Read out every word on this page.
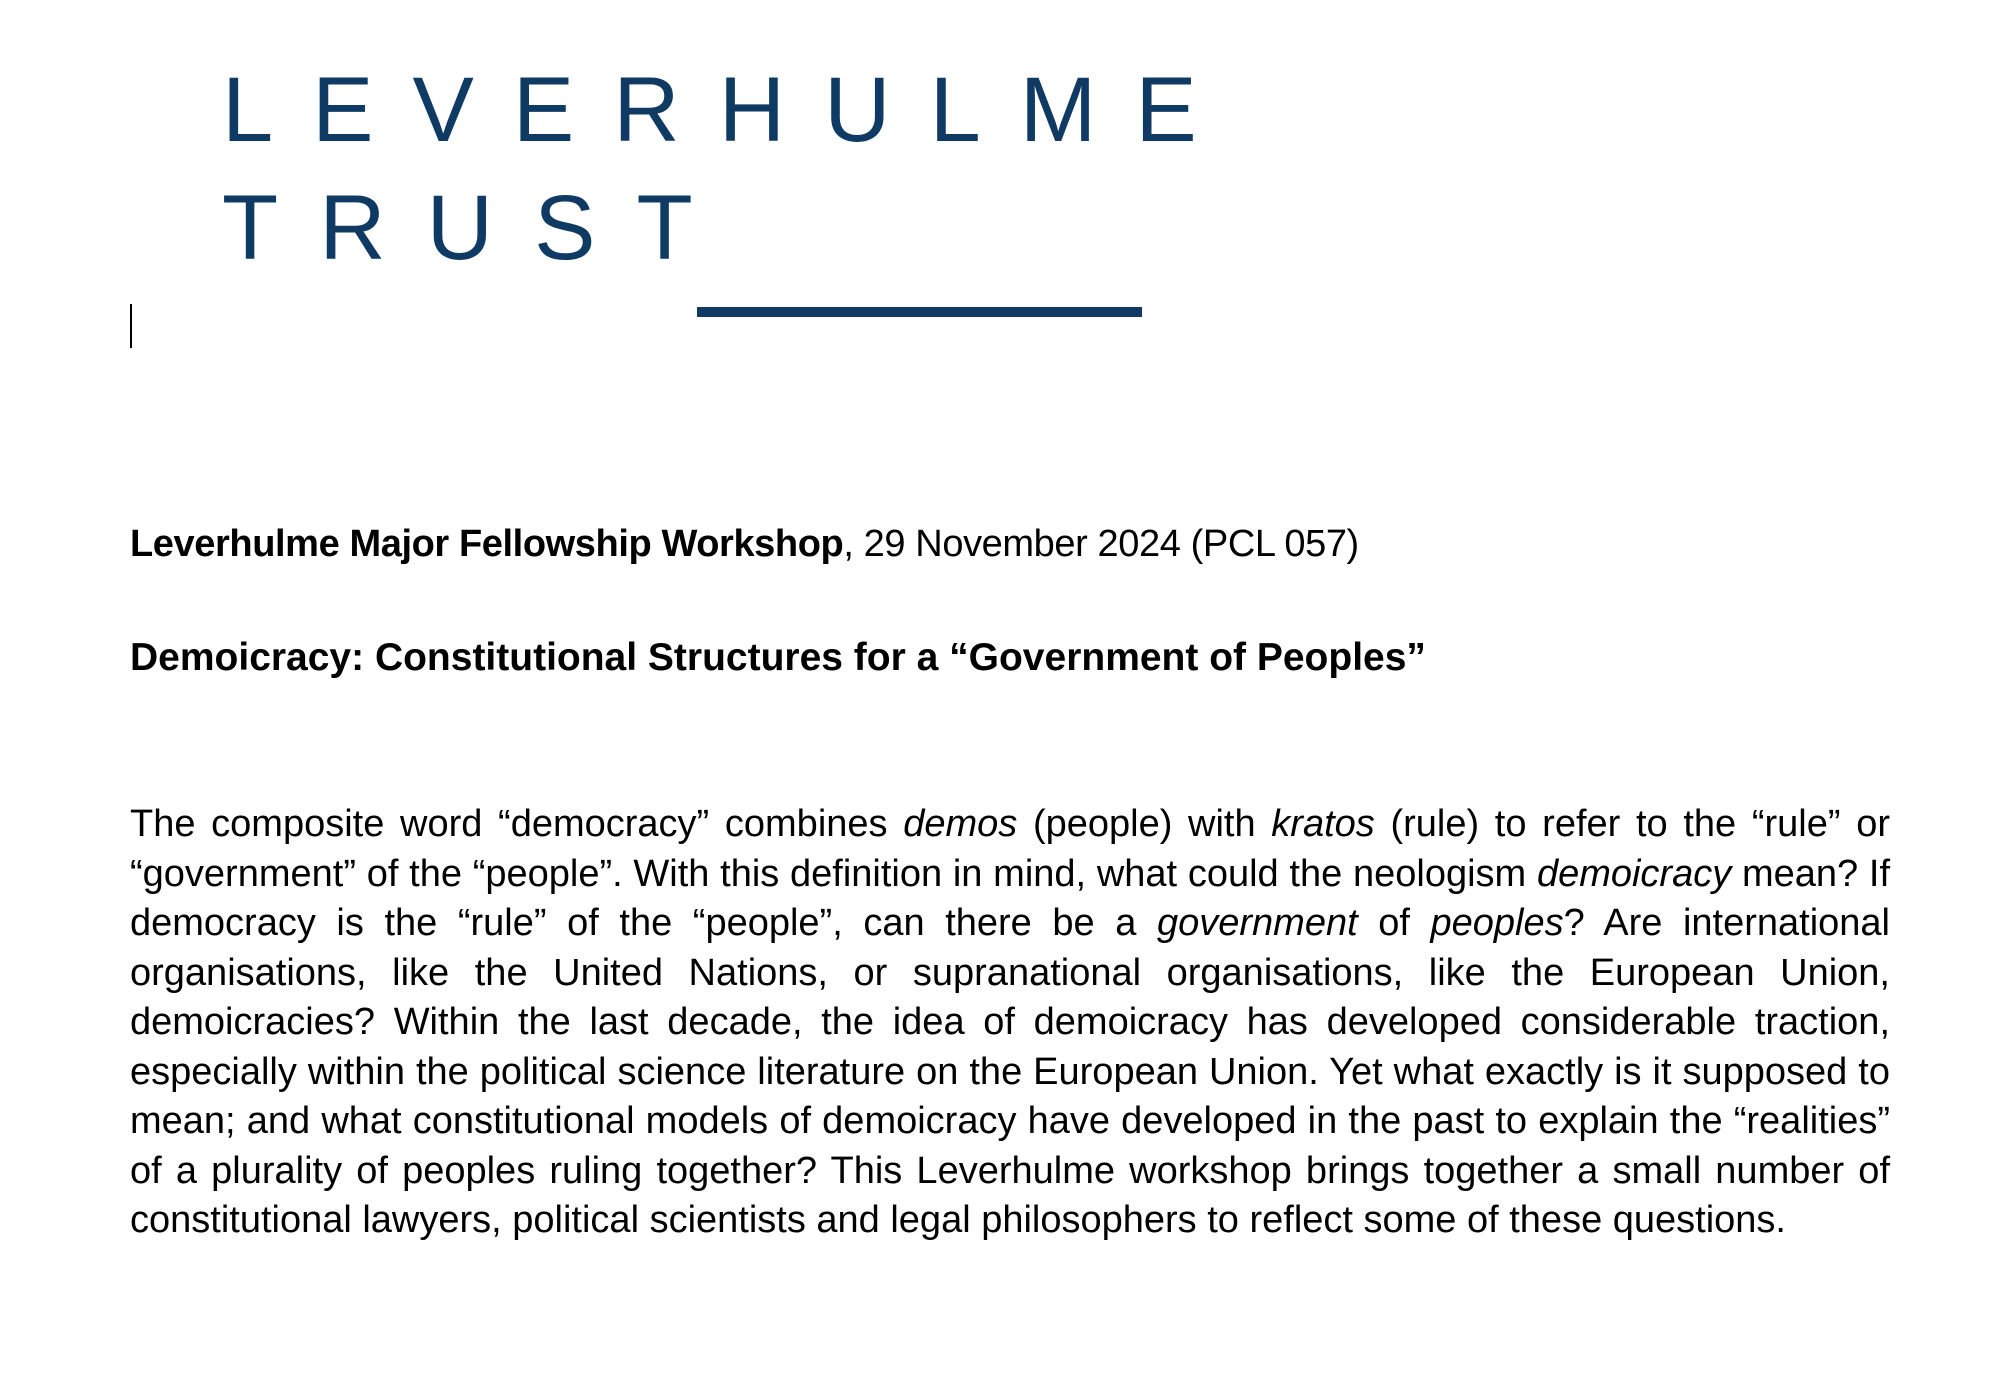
LEVERHULME
TRUST
Leverhulme Major Fellowship Workshop, 29 November 2024 (PCL 057)
Demoicracy: Constitutional Structures for a “Government of Peoples”
The composite word “democracy” combines demos (people) with kratos (rule) to refer to the “rule” or “government” of the “people”. With this definition in mind, what could the neologism demoicracy mean? If democracy is the “rule” of the “people”, can there be a government of peoples? Are international organisations, like the United Nations, or supranational organisations, like the European Union, demoicracies? Within the last decade, the idea of demoicracy has developed considerable traction, especially within the political science literature on the European Union. Yet what exactly is it supposed to mean; and what constitutional models of demoicracy have developed in the past to explain the “realities” of a plurality of peoples ruling together? This Leverhulme workshop brings together a small number of constitutional lawyers, political scientists and legal philosophers to reflect some of these questions.
